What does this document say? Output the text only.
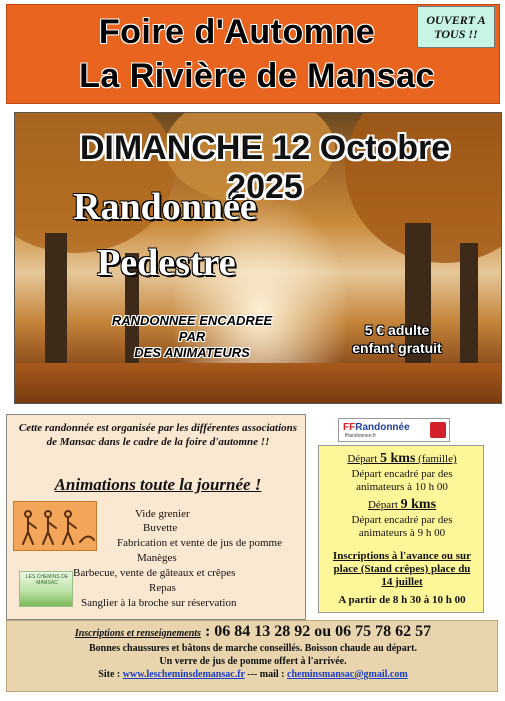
Foire d'Automne
La Rivière de Mansac
OUVERT A TOUS !!
DIMANCHE 12 Octobre 2025
Randonnée
Pedestre
RANDONNEE ENCADREE
PAR
DES ANIMATEURS
5 € adulte
enfant gratuit
Cette randonnée est organisée par les différentes associations de Mansac dans le cadre de la foire d'automne !!
Animations toute la journée !
LES CHEMINS DE MANSAC
Vide grenier
Buvette
Fabrication et vente de jus de pomme
Manèges
Barbecue, vente de gâteaux et crêpes
Repas
Sanglier à la broche sur réservation
FFRandonnée
ffrandonnee.fr
Départ 5 kms (famille)
Départ encadré par des animateurs à 10 h 00
Départ 9 kms
Départ encadré par des animateurs à 9 h 00
Inscriptions à l'avance ou sur place (Stand crêpes) place du 14 juillet
A partir de 8 h 30 à 10 h 00
Inscriptions et renseignements : 06 84 13 28 92 ou 06 75 78 62 57
Bonnes chaussures et bâtons de marche conseillés. Boisson chaude au départ.
Un verre de jus de pomme offert à l'arrivée.
Site : www.lescheminsdemansac.fr --- mail : cheminsmansac@gmail.com
